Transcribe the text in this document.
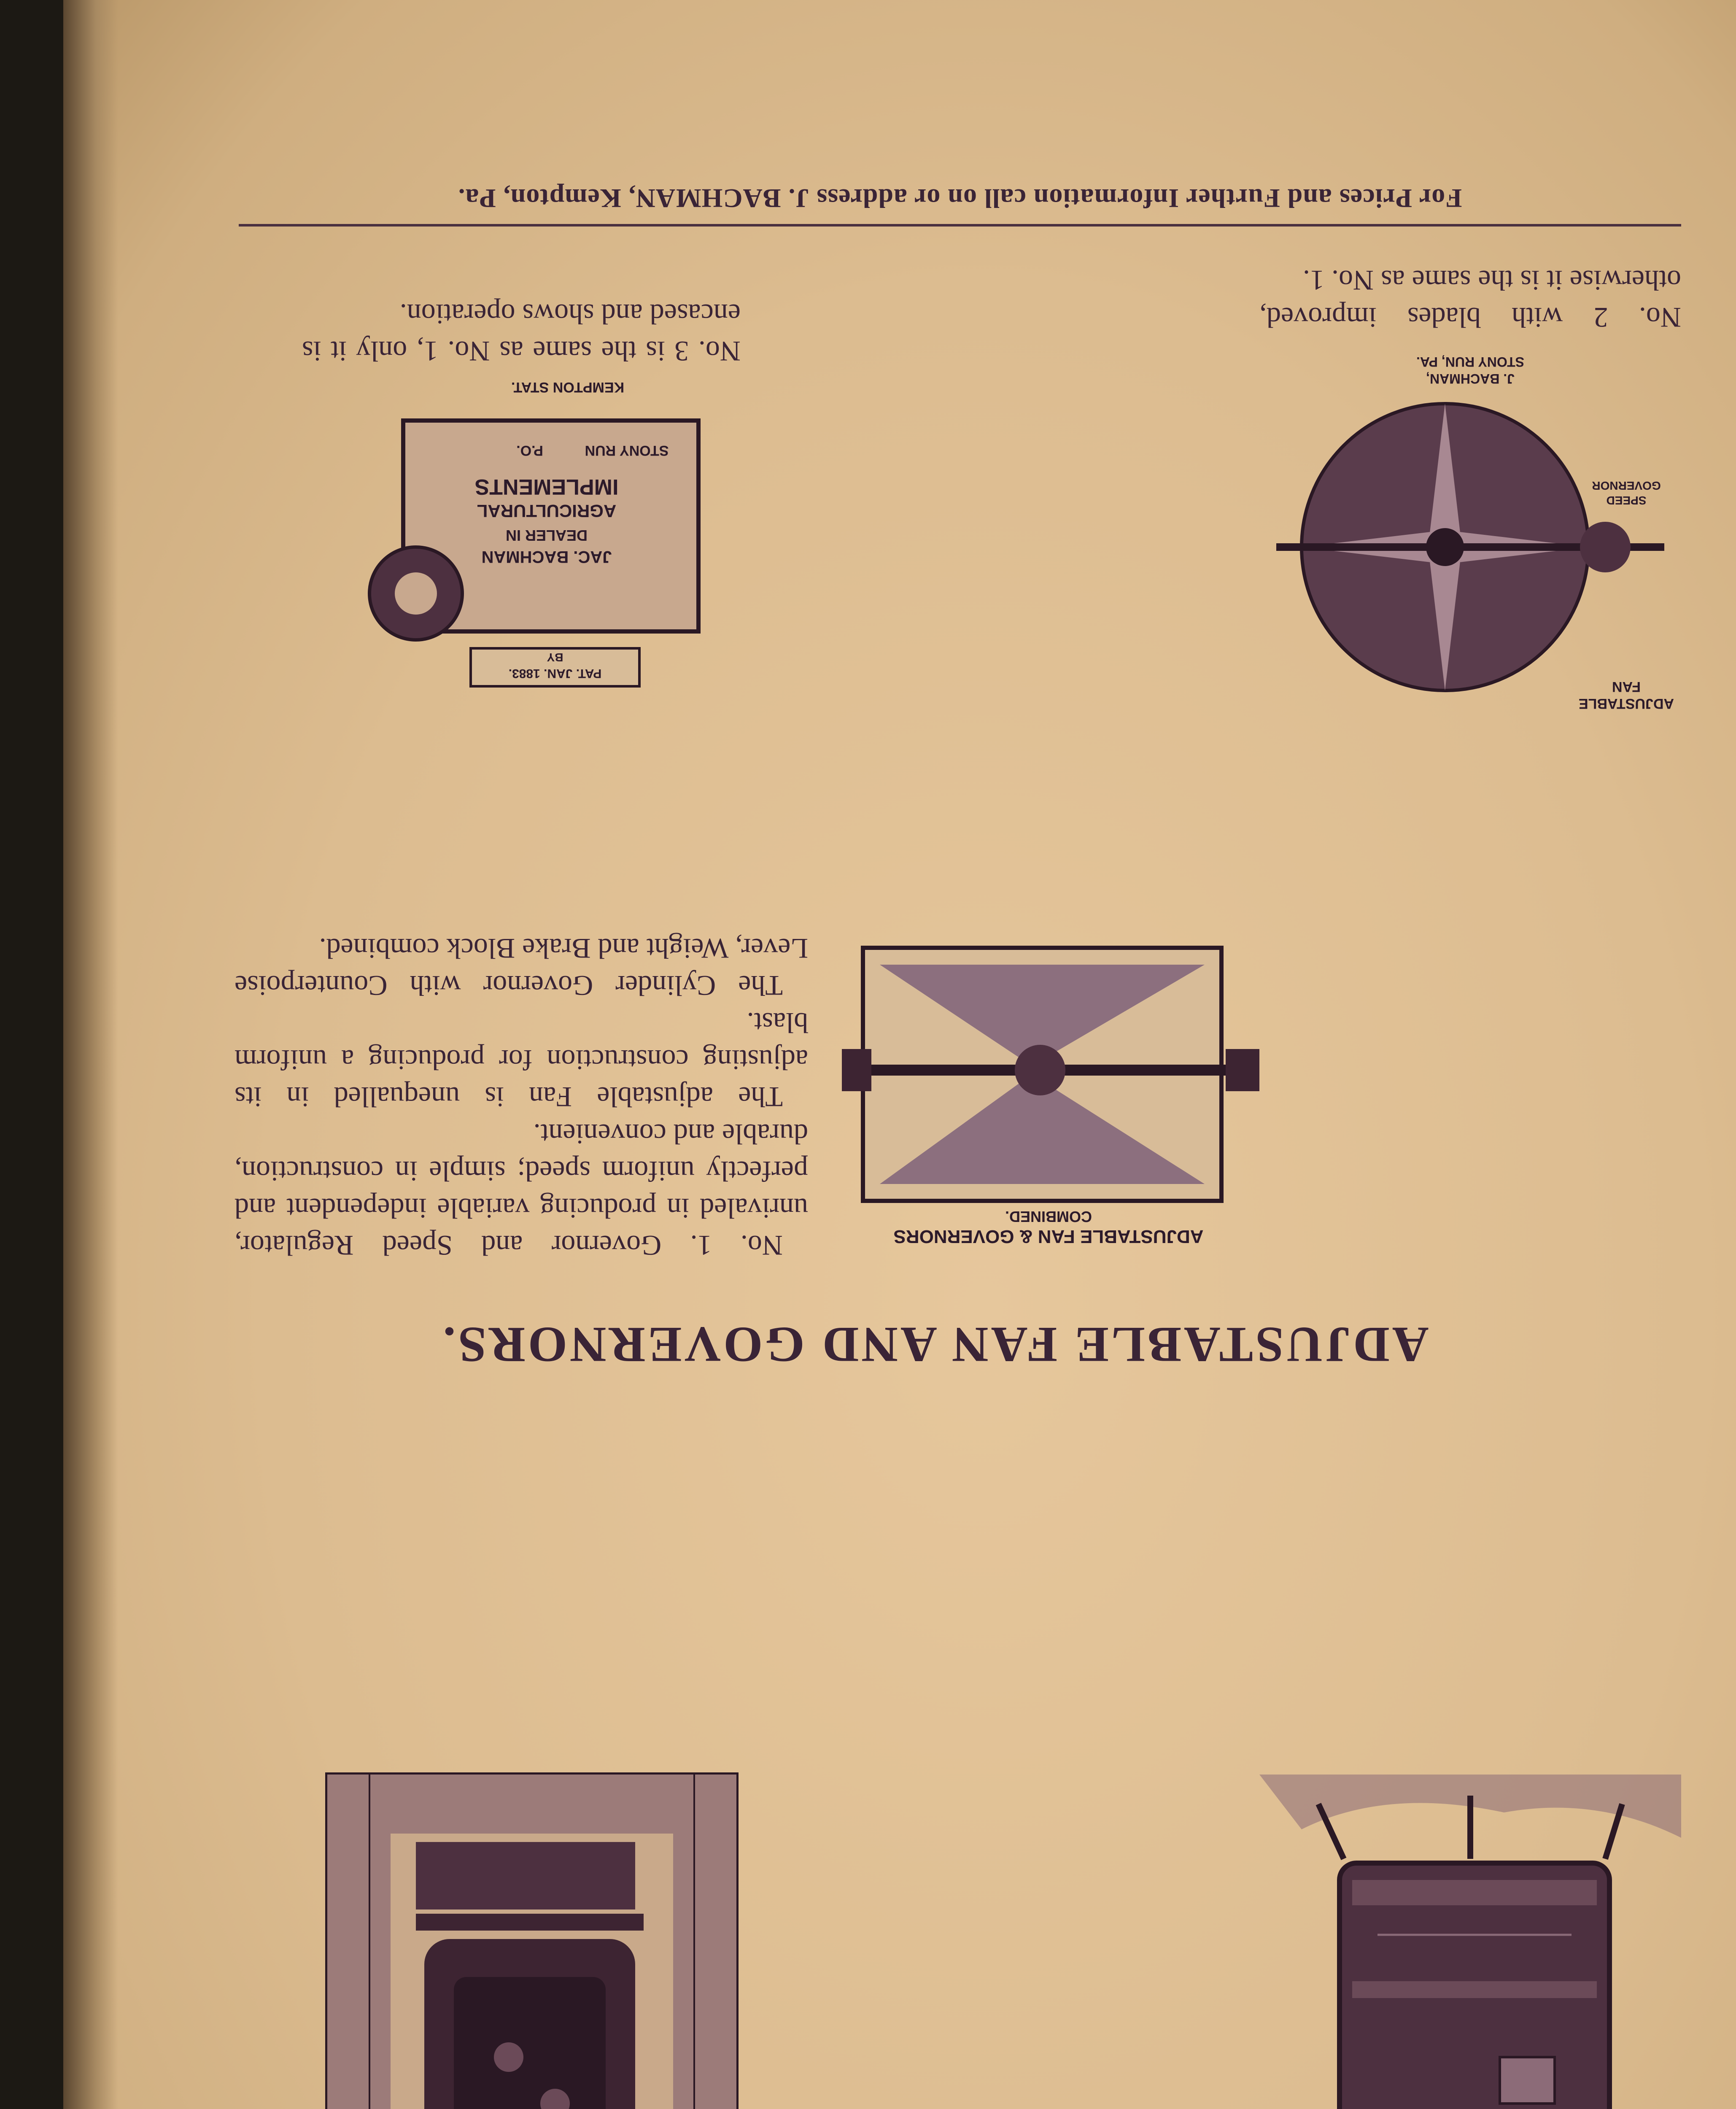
ADJUSTABLE FAN AND GOVERNORS.
ADJUSTABLE FAN & GOVERNORS
COMBINED.

No. 1. Governor and Speed Regulator, unrivaled in producing variable independent and perfectly uniform speed; simple in construction, durable and convenient.

The adjustable Fan is unequalled in its adjusting construction for producing a uniform blast.

The Cylinder Governor with Counterpoise Lever, Weight and Brake Block combined.

ADJUSTABLE
FAN
SPEED
GOVERNOR
J. BACHMAN,
STONY RUN, PA.
No. 2 with blades improved, otherwise it is the same as No. 1.
PAT. JAN. 1883.
BY
JAC. BACHMAN
DEALER IN
AGRICULTURAL
IMPLEMENTS
STONY RUN
P.O.
KEMPTON STAT.
No. 3 is the same as No. 1, only it is encased and shows operation.
For Prices and Further Information call on or address J. BACHMAN, Kempton, Pa.
